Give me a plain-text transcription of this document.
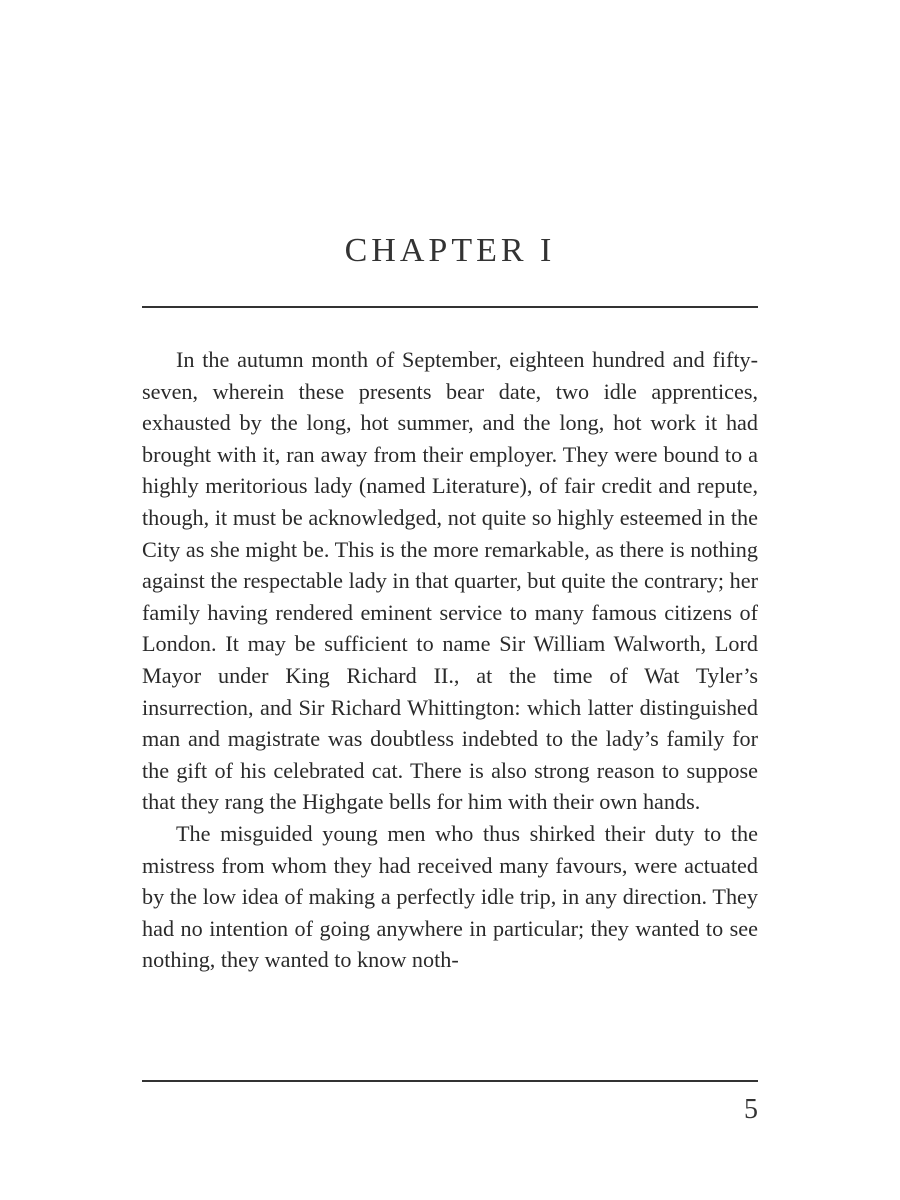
CHAPTER I

In the autumn month of September, eighteen hundred and fifty-seven, wherein these presents bear date, two idle apprentices, exhausted by the long, hot summer, and the long, hot work it had brought with it, ran away from their employer. They were bound to a highly meritorious lady (named Literature), of fair credit and repute, though, it must be acknowledged, not quite so highly esteemed in the City as she might be. This is the more remarkable, as there is nothing against the respectable lady in that quarter, but quite the contrary; her family having rendered eminent service to many famous citizens of London. It may be sufficient to name Sir William Walworth, Lord Mayor under King Richard II., at the time of Wat Tyler’s insurrection, and Sir Richard Whittington: which latter distinguished man and magistrate was doubtless indebted to the lady’s family for the gift of his celebrated cat. There is also strong reason to suppose that they rang the Highgate bells for him with their own hands.

The misguided young men who thus shirked their duty to the mistress from whom they had received many favours, were actuated by the low idea of making a perfectly idle trip, in any direction. They had no intention of going anywhere in particular; they wanted to see nothing, they wanted to know noth-

5
